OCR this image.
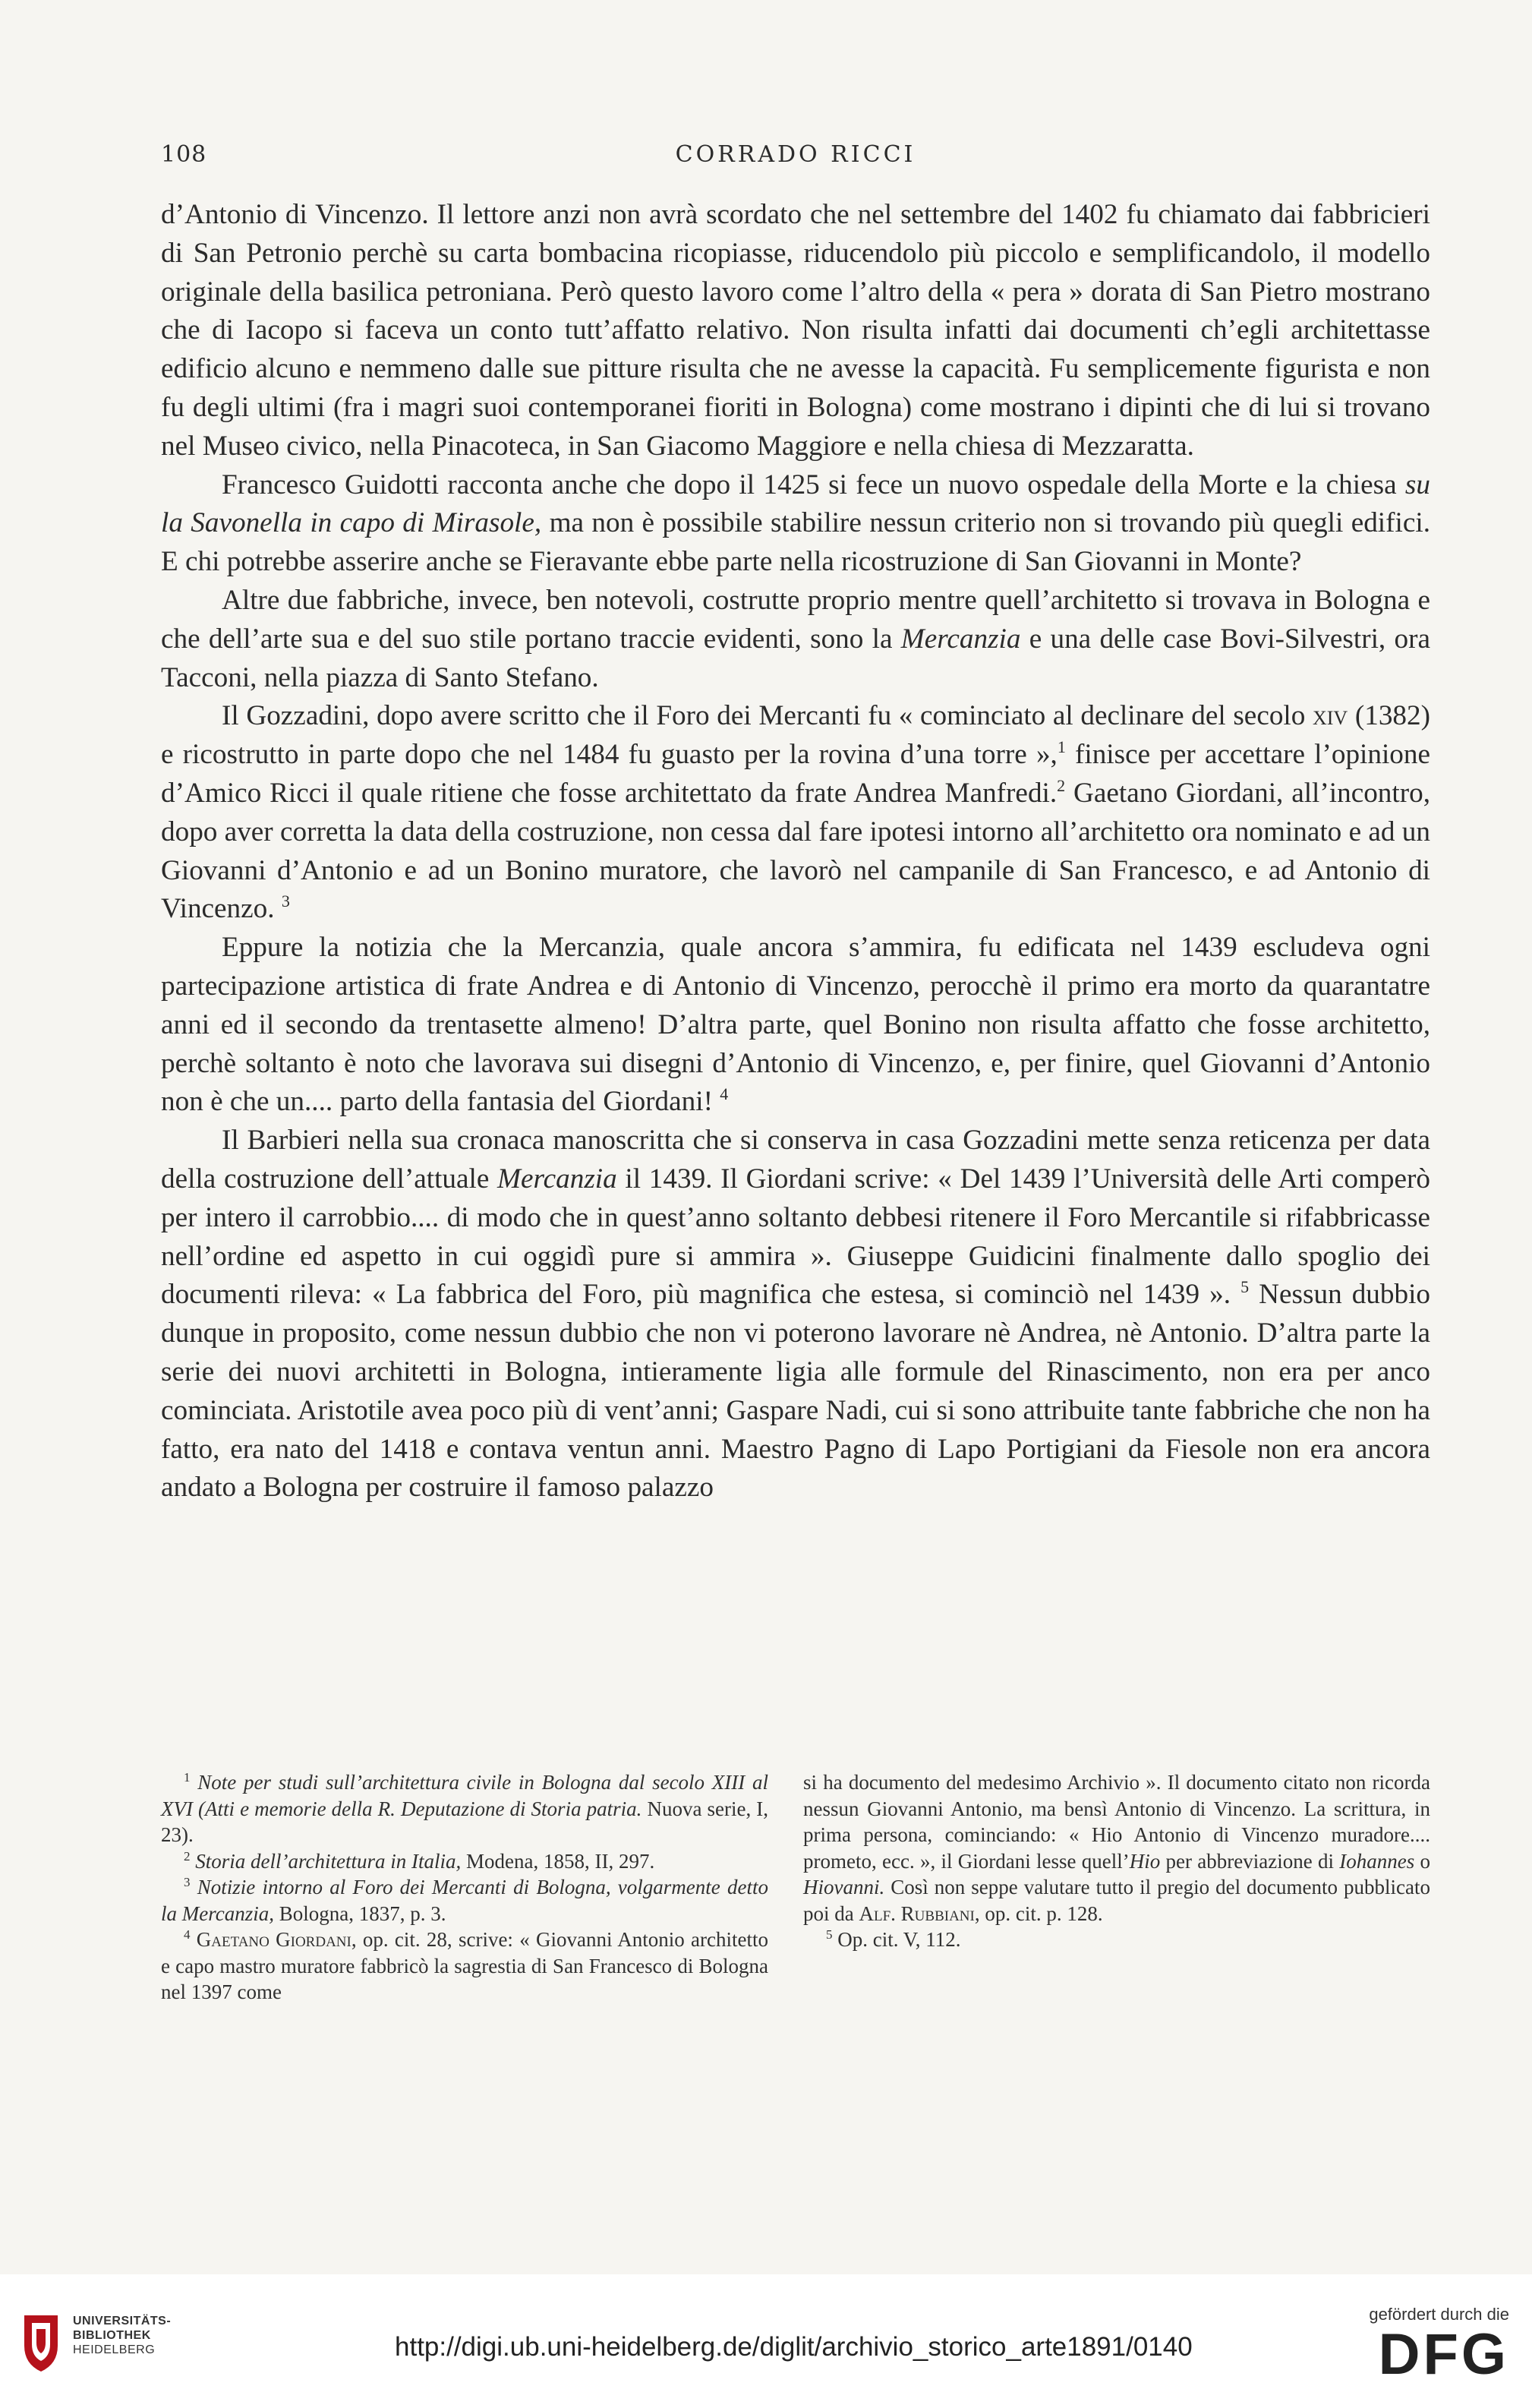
108	CORRADO RICCI

d’Antonio di Vincenzo. Il lettore anzi non avrà scordato che nel settembre del 1402 fu chiamato dai fabbricieri di San Petronio perchè su carta bombacina ricopiasse, riducendolo più piccolo e semplificandolo, il modello originale della basilica petroniana. Però questo lavoro come l’altro della « pera » dorata di San Pietro mostrano che di Iacopo si faceva un conto tutt’affatto relativo. Non risulta infatti dai documenti ch’egli architettasse edificio alcuno e nemmeno dalle sue pitture risulta che ne avesse la capacità. Fu semplicemente figurista e non fu degli ultimi (fra i magri suoi contemporanei fioriti in Bologna) come mostrano i dipinti che di lui si trovano nel Museo civico, nella Pinacoteca, in San Giacomo Maggiore e nella chiesa di Mezzaratta.

Francesco Guidotti racconta anche che dopo il 1425 si fece un nuovo ospedale della Morte e la chiesa su la Savonella in capo di Mirasole, ma non è possibile stabilire nessun criterio non si trovando più quegli edifici. E chi potrebbe asserire anche se Fieravante ebbe parte nella ricostruzione di San Giovanni in Monte?

Altre due fabbriche, invece, ben notevoli, costrutte proprio mentre quell’architetto si trovava in Bologna e che dell’arte sua e del suo stile portano traccie evidenti, sono la Mercanzia e una delle case Bovi-Silvestri, ora Tacconi, nella piazza di Santo Stefano.

Il Gozzadini, dopo avere scritto che il Foro dei Mercanti fu « cominciato al declinare del secolo xiv (1382) e ricostrutto in parte dopo che nel 1484 fu guasto per la rovina d’una torre »,$^1$ finisce per accettare l’opinione d’Amico Ricci il quale ritiene che fosse architettato da frate Andrea Manfredi.$^2$ Gaetano Giordani, all’incontro, dopo aver corretta la data della costruzione, non cessa dal fare ipotesi intorno all’architetto ora nominato e ad un Giovanni d’Antonio e ad un Bonino muratore, che lavorò nel campanile di San Francesco, e ad Antonio di Vincenzo. $^3$

Eppure la notizia che la Mercanzia, quale ancora s’ammira, fu edificata nel 1439 escludeva ogni partecipazione artistica di frate Andrea e di Antonio di Vincenzo, perocchè il primo era morto da quarantatre anni ed il secondo da trentasette almeno! D’altra parte, quel Bonino non risulta affatto che fosse architetto, perchè soltanto è noto che lavorava sui disegni d’Antonio di Vincenzo, e, per finire, quel Giovanni d’Antonio non è che un.... parto della fantasia del Giordani! $^4$

Il Barbieri nella sua cronaca manoscritta che si conserva in casa Gozzadini mette senza reticenza per data della costruzione dell’attuale Mercanzia il 1439. Il Giordani scrive: « Del 1439 l’Università delle Arti comperò per intero il carrobbio.... di modo che in quest’anno soltanto debbesi ritenere il Foro Mercantile si rifabbricasse nell’ordine ed aspetto in cui oggidì pure si ammira ». Giuseppe Guidicini finalmente dallo spoglio dei documenti rileva: « La fabbrica del Foro, più magnifica che estesa, si cominciò nel 1439 ». $^5$ Nessun dubbio dunque in proposito, come nessun dubbio che non vi poterono lavorare nè Andrea, nè Antonio. D’altra parte la serie dei nuovi architetti in Bologna, intieramente ligia alle formule del Rinascimento, non era per anco cominciata. Aristotile avea poco più di vent’anni; Gaspare Nadi, cui si sono attribuite tante fabbriche che non ha fatto, era nato del 1418 e contava ventun anni. Maestro Pagno di Lapo Portigiani da Fiesole non era ancora andato a Bologna per costruire il famoso palazzo

$^1$ Note per studi sull’architettura civile in Bologna dal secolo XIII al XVI (Atti e memorie della R. Deputazione di Storia patria. Nuova serie, I, 23).

$^2$ Storia dell’architettura in Italia, Modena, 1858, II, 297.

$^3$ Notizie intorno al Foro dei Mercanti di Bologna, volgarmente detto la Mercanzia, Bologna, 1837, p. 3.

$^4$ Gaetano Giordani, op. cit. 28, scrive: « Giovanni Antonio architetto e capo mastro muratore fabbricò la sagrestia di San Francesco di Bologna nel 1397 come

si ha documento del medesimo Archivio ». Il documento citato non ricorda nessun Giovanni Antonio, ma bensì Antonio di Vincenzo. La scrittura, in prima persona, cominciando: « Hio Antonio di Vincenzo muradore.... prometo, ecc. », il Giordani lesse quell’Hio per abbreviazione di Iohannes o Hiovanni. Così non seppe valutare tutto il pregio del documento pubblicato poi da Alf. Rubbiani, op. cit. p. 128.

$^5$ Op. cit. V, 112.

UNIVERSITÄTS-
BIBLIOTHEK
HEIDELBERG	http://digi.ub.uni-heidelberg.de/diglit/archivio_storico_arte1891/0140
gefördert durch die
DFG
